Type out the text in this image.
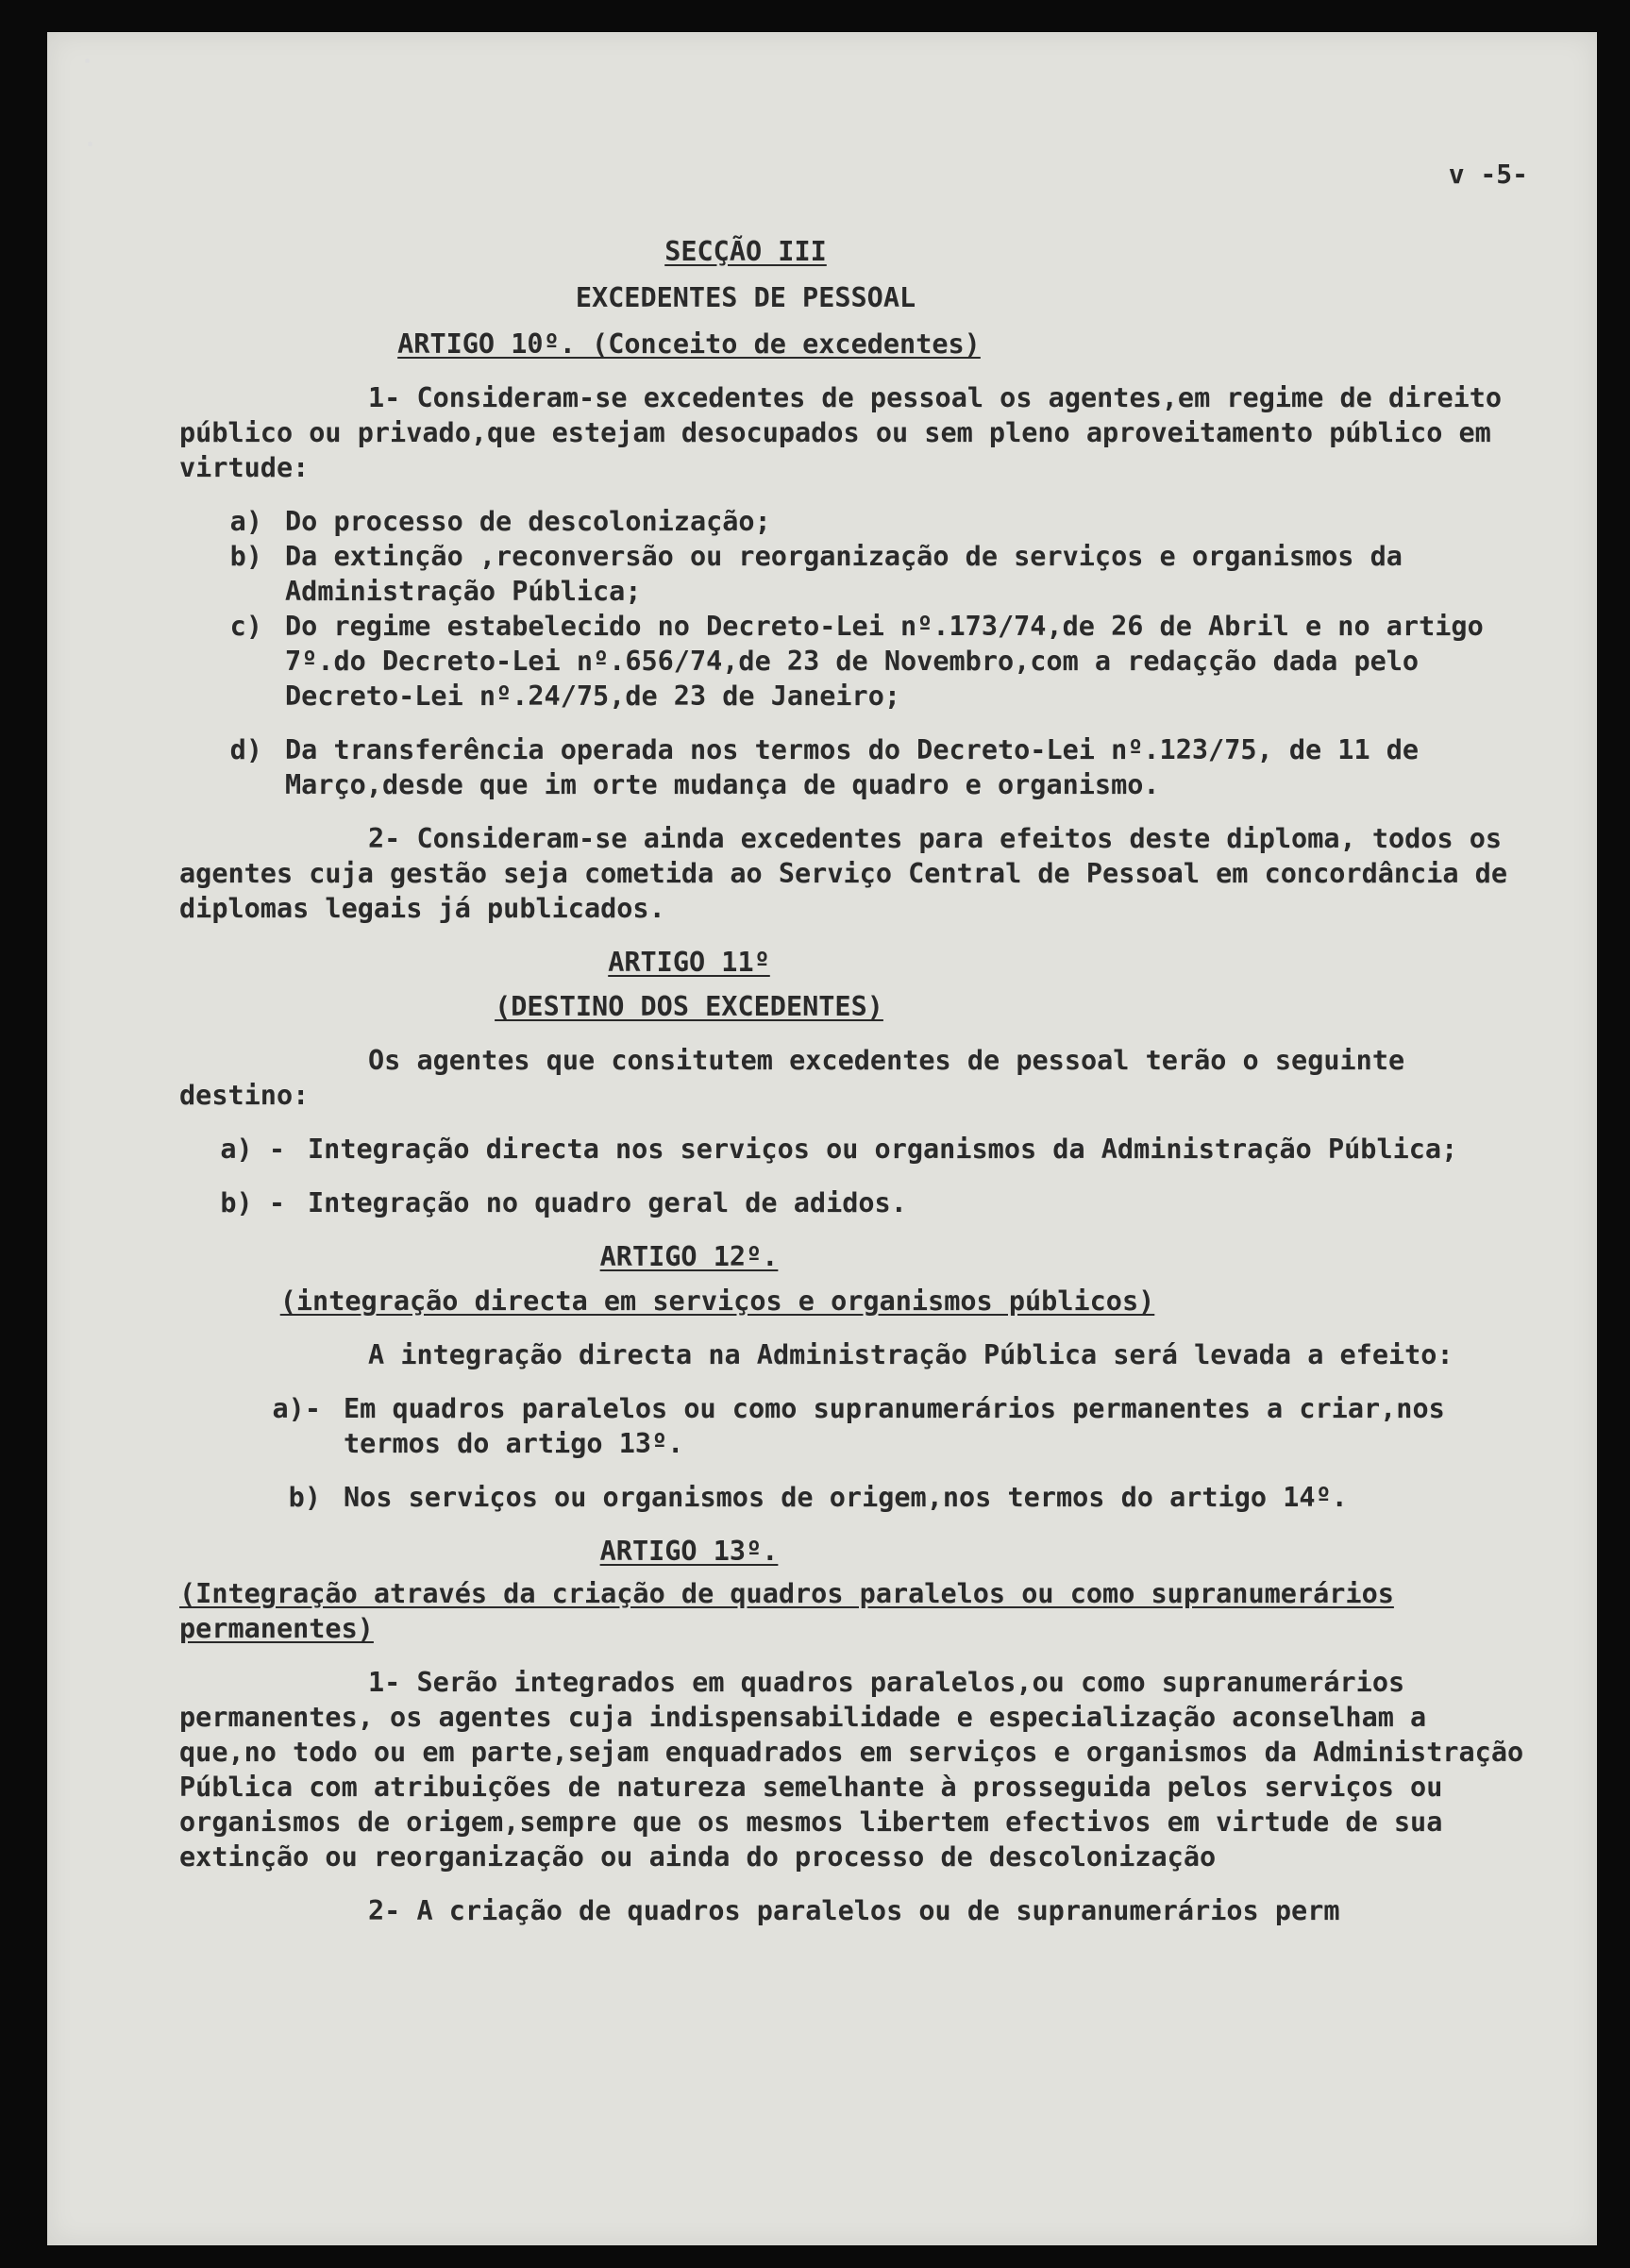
v -5-
SECÇÃO III
EXCEDENTES DE PESSOAL
ARTIGO 10º. (Conceito de excedentes)

1- Consideram-se excedentes de pessoal os agentes,em regime de direito público ou privado,que estejam desocupados ou sem pleno aproveitamento público em virtude:

a) Do processo de descolonização;
b) Da extinção ,reconversão ou reorganização de serviços e organismos da Administração Pública;
c) Do regime estabelecido no Decreto-Lei nº.173/74,de 26 de Abril e no artigo 7º.do Decreto-Lei nº.656/74,de 23 de Novembro,com a redaçção dada pelo Decreto-Lei nº.24/75,de 23 de Janeiro;
d) Da transferência operada nos termos do Decreto-Lei nº.123/75, de 11 de Março,desde que im orte mudança de quadro e organismo.

2- Consideram-se ainda excedentes para efeitos deste diploma, todos os agentes cuja gestão seja cometida ao Serviço Central de Pessoal em concordância de diplomas legais já publicados.

ARTIGO 11º
(DESTINO DOS EXCEDENTES)

Os agentes que consitutem excedentes de pessoal terão o seguinte destino:

a) - Integração directa nos serviços ou organismos da Administração Pública;
b) - Integração no quadro geral de adidos.
ARTIGO 12º.
(integração directa em serviços e organismos públicos)

A integração directa na Administração Pública será levada a efeito:

a)- Em quadros paralelos ou como supranumerários permanentes a criar,nos termos do artigo 13º.
b) Nos serviços ou organismos de origem,nos termos do artigo 14º.
ARTIGO 13º.
(Integração através da criação de quadros paralelos ou como supranumerários permanentes)

1- Serão integrados em quadros paralelos,ou como supranumerários permanentes, os agentes cuja indispensabilidade e especialização aconselham a que,no todo ou em parte,sejam enquadrados em serviços e organismos da Administração Pública com atribuições de natureza semelhante à prosseguida pelos serviços ou organismos de origem,sempre que os mesmos libertem efectivos em virtude de sua extinção ou reorganização ou ainda do processo de descolonização

2- A criação de quadros paralelos ou de supranumerários perm
